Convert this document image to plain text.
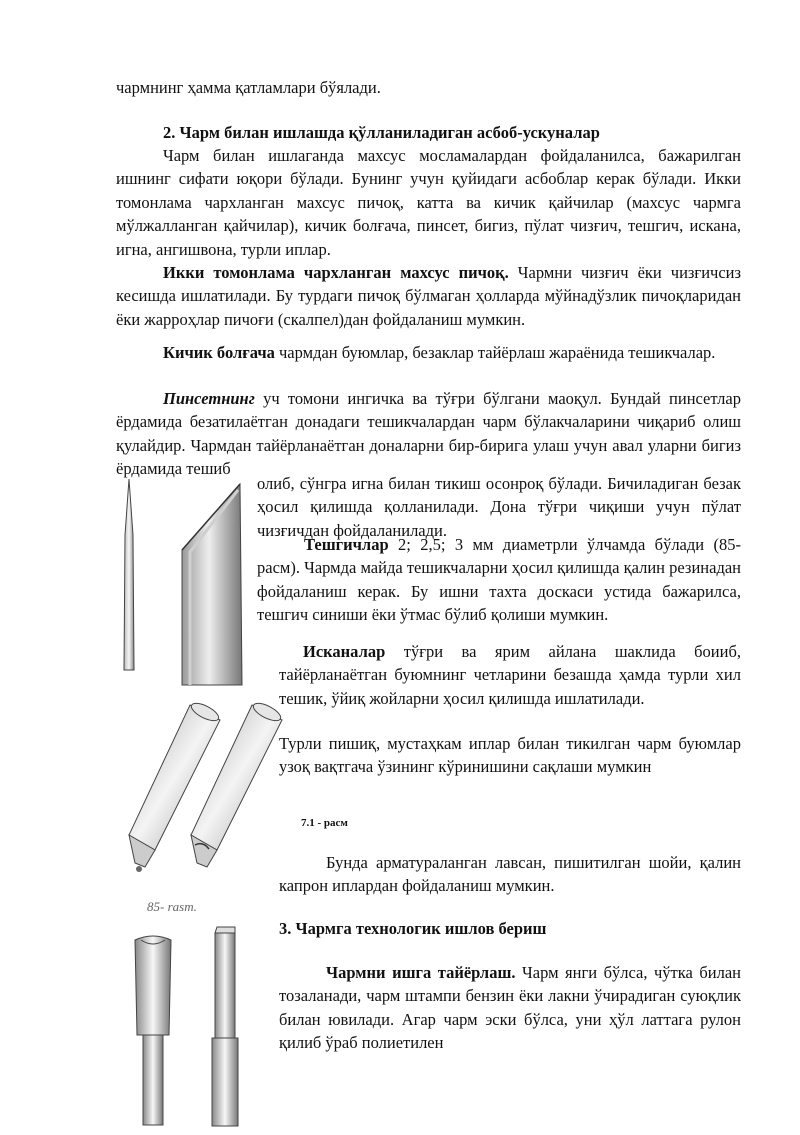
чармнинг ҳамма қатламлари бўялади.

2. Чарм билан ишлашда қўлланиладиган асбоб-ускуналар

Чарм билан ишлаганда махсус мосламалардан фойдаланилса, бажарилган ишнинг сифати юқори бўлади. Бунинг учун қуйидаги асбоблар керак бўлади. Икки томонлама чархланган махсус пичоқ, катта ва кичик қайчилар (махсус чармга мўлжалланган қайчилар), кичик болғача, пинсет, бигиз, пўлат чизғич, тешгич, искана, игна, ангишвона, турли иплар.

Икки томонлама чархланган махсус пичоқ. Чармни чизғич ёки чизғичсиз кесишда ишлатилади. Бу турдаги пичоқ бўлмаган ҳолларда мўйнадўзлик пичоқларидан ёки жарроҳлар пичоғи (скалпел)дан фойдаланиш мумкин.

Кичик болғача чармдан буюмлар, безаклар тайёрлаш жараёнида тешикчалар.

Пинсетнинг уч томони ингичка ва тўғри бўлгани маоқул. Бундай пинсетлар ёрдамида безатилаётган донадаги тешикчалардан чарм бўлакчаларини чиқариб олиш қулайдир. Чармдан тайёрланаётган доналарни бир-бирига улаш учун авал уларни бигиз ёрдамида тешиб

олиб, сўнгра игна билан тикиш осонроқ бўлади. Бичиладиган безак ҳосил қилишда қолланилади. Дона тўғри чиқиши учун пўлат чизғичдан фойдаланилади.

Тешгичлар 2; 2,5; 3 мм диаметрли ўлчамда бўлади (85-расм). Чармда майда тешикчаларни ҳосил қилишда қалин резинадан фойдаланиш керак. Бу ишни тахта доскаси устида бажарилса, тешгич синиши ёки ўтмас бўлиб қолиши мумкин.

Исканалар тўғри ва ярим айлана шаклида боииб, тайёрланаётган буюмнинг четларини безашда ҳамда турли хил тешик, ўйиқ жойларни ҳосил қилишда ишлатилади.

Турли пишиқ, мустаҳкам иплар билан тикилган чарм буюмлар узоқ вақтгача ўзининг кўринишини сақлаши мумкин

7.1 - расм

Бунда арматураланган лавсан, пишитилган шойи, қалин капрон иплардан фойдаланиш мумкин.

85- rasm.

3. Чармга технологик ишлов бериш

Чармни ишга тайёрлаш. Чарм янги бўлса, чўтка билан тозаланади, чарм штампи бензин ёки лакни ўчирадиган суюқлик билан ювилади. Агар чарм эски бўлса, уни ҳўл латтага рулон қилиб ўраб полиетилен
